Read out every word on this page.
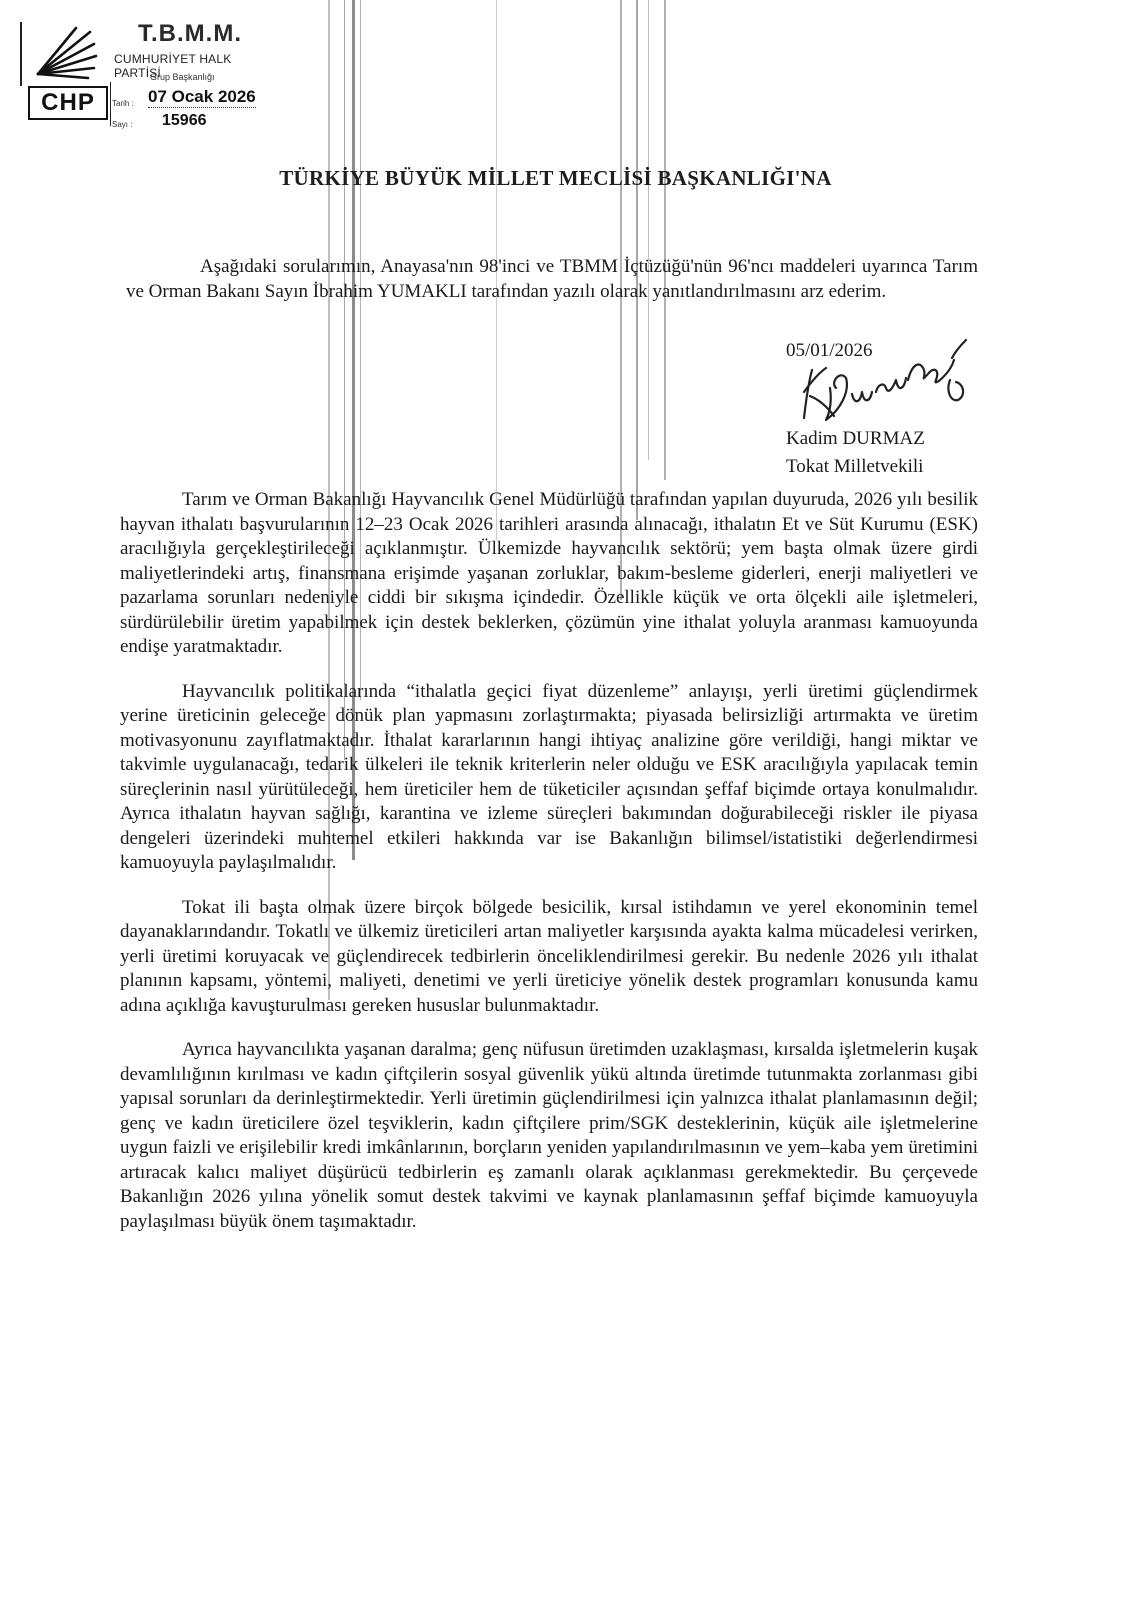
CHP
T.B.M.M.
CUMHURİYET HALK PARTİSİ
Grup Başkanlığı
Tarih : 07 Ocak 2026
Sayı : 15966
TÜRKİYE BÜYÜK MİLLET MECLİSİ BAŞKANLIĞI'NA
Aşağıdaki sorularımın, Anayasa'nın 98'inci ve TBMM İçtüzüğü'nün 96'ncı maddeleri uyarınca Tarım ve Orman Bakanı Sayın İbrahim YUMAKLI tarafından yazılı olarak yanıtlandırılmasını arz ederim.
05/01/2026
Kadim DURMAZ
Tokat Milletvekili

Tarım ve Orman Bakanlığı Hayvancılık Genel Müdürlüğü tarafından yapılan duyuruda, 2026 yılı besilik hayvan ithalatı başvurularının 12–23 Ocak 2026 tarihleri arasında alınacağı, ithalatın Et ve Süt Kurumu (ESK) aracılığıyla gerçekleştirileceği açıklanmıştır. Ülkemizde hayvancılık sektörü; yem başta olmak üzere girdi maliyetlerindeki artış, finansmana erişimde yaşanan zorluklar, bakım-besleme giderleri, enerji maliyetleri ve pazarlama sorunları nedeniyle ciddi bir sıkışma içindedir. Özellikle küçük ve orta ölçekli aile işletmeleri, sürdürülebilir üretim yapabilmek için destek beklerken, çözümün yine ithalat yoluyla aranması kamuoyunda endişe yaratmaktadır.

Hayvancılık politikalarında “ithalatla geçici fiyat düzenleme” anlayışı, yerli üretimi güçlendirmek yerine üreticinin geleceğe dönük plan yapmasını zorlaştırmakta; piyasada belirsizliği artırmakta ve üretim motivasyonunu zayıflatmaktadır. İthalat kararlarının hangi ihtiyaç analizine göre verildiği, hangi miktar ve takvimle uygulanacağı, tedarik ülkeleri ile teknik kriterlerin neler olduğu ve ESK aracılığıyla yapılacak temin süreçlerinin nasıl yürütüleceği, hem üreticiler hem de tüketiciler açısından şeffaf biçimde ortaya konulmalıdır. Ayrıca ithalatın hayvan sağlığı, karantina ve izleme süreçleri bakımından doğurabileceği riskler ile piyasa dengeleri üzerindeki muhtemel etkileri hakkında var ise Bakanlığın bilimsel/istatistiki değerlendirmesi kamuoyuyla paylaşılmalıdır.

Tokat ili başta olmak üzere birçok bölgede besicilik, kırsal istihdamın ve yerel ekonominin temel dayanaklarındandır. Tokatlı ve ülkemiz üreticileri artan maliyetler karşısında ayakta kalma mücadelesi verirken, yerli üretimi koruyacak ve güçlendirecek tedbirlerin önceliklendirilmesi gerekir. Bu nedenle 2026 yılı ithalat planının kapsamı, yöntemi, maliyeti, denetimi ve yerli üreticiye yönelik destek programları konusunda kamu adına açıklığa kavuşturulması gereken hususlar bulunmaktadır.

Ayrıca hayvancılıkta yaşanan daralma; genç nüfusun üretimden uzaklaşması, kırsalda işletmelerin kuşak devamlılığının kırılması ve kadın çiftçilerin sosyal güvenlik yükü altında üretimde tutunmakta zorlanması gibi yapısal sorunları da derinleştirmektedir. Yerli üretimin güçlendirilmesi için yalnızca ithalat planlamasının değil; genç ve kadın üreticilere özel teşviklerin, kadın çiftçilere prim/SGK desteklerinin, küçük aile işletmelerine uygun faizli ve erişilebilir kredi imkânlarının, borçların yeniden yapılandırılmasının ve yem–kaba yem üretimini artıracak kalıcı maliyet düşürücü tedbirlerin eş zamanlı olarak açıklanması gerekmektedir. Bu çerçevede Bakanlığın 2026 yılına yönelik somut destek takvimi ve kaynak planlamasının şeffaf biçimde kamuoyuyla paylaşılması büyük önem taşımaktadır.
